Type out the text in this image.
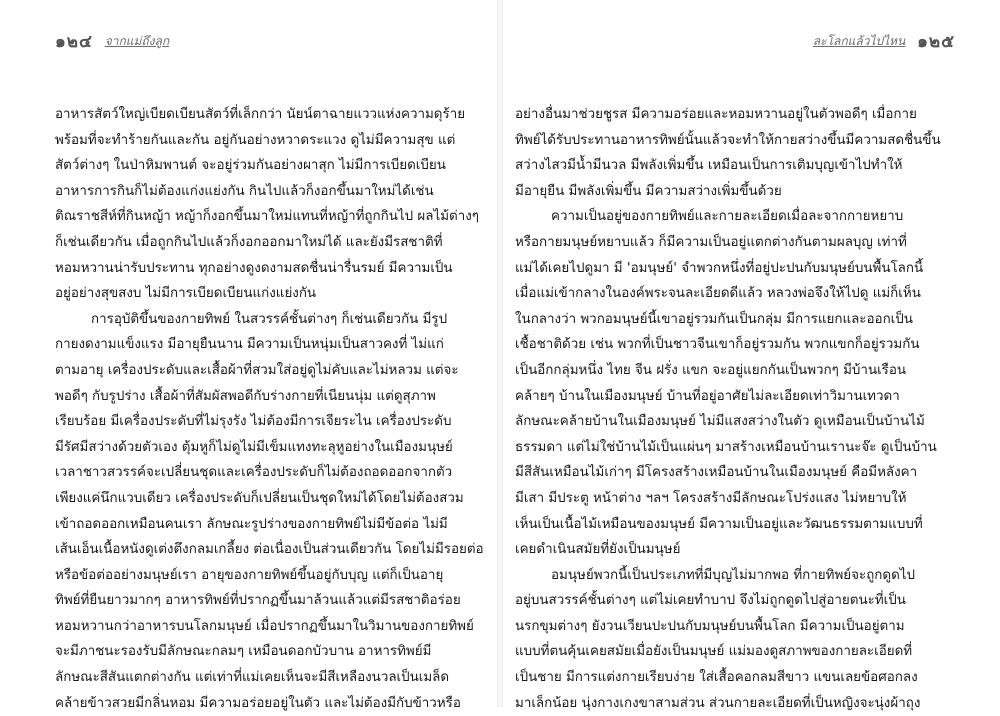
๑๒๔ จากแม่ถึงลูก
อาหารสัตว์ใหญ่เบียดเบียนสัตว์ที่เล็กกว่า นัยน์ตาฉายแววแห่งความดุร้าย
พร้อมที่จะทำร้ายกันและกัน อยู่กันอย่างหวาดระแวง ดูไม่มีความสุข แต่
สัตว์ต่างๆ ในป่าหิมพานต์ จะอยู่ร่วมกันอย่างผาสุก ไม่มีการเบียดเบียน
อาหารการกินก็ไม่ต้องแก่งแย่งกัน กินไปแล้วก็งอกขึ้นมาใหม่ได้เช่น
ติณราชสีห์ที่กินหญ้า หญ้าก็งอกขึ้นมาใหม่แทนที่หญ้าที่ถูกกินไป ผลไม้ต่างๆ
ก็เช่นเดียวกัน เมื่อถูกกินไปแล้วก็งอกออกมาใหม่ได้ และยังมีรสชาติที่
หอมหวานน่ารับประทาน ทุกอย่างดูงดงามสดชื่นน่ารื่นรมย์ มีความเป็น
อยู่อย่างสุขสงบ ไม่มีการเบียดเบียนแก่งแย่งกัน
การอุบัติขึ้นของกายทิพย์ ในสวรรค์ชั้นต่างๆ ก็เช่นเดียวกัน มีรูป
กายงดงามแข็งแรง มีอายุยืนนาน มีความเป็นหนุ่มเป็นสาวคงที่ ไม่แก่
ตามอายุ เครื่องประดับและเสื้อผ้าที่สวมใส่อยู่ดูไม่คับและไม่หลวม แต่จะ
พอดีๆ กับรูปร่าง เสื้อผ้าที่สัมผัสพอดีกับร่างกายที่เนียนนุ่ม แต่ดูสุภาพ
เรียบร้อย มีเครื่องประดับที่ไม่รุงรัง ไม่ต้องมีการเจียระไน เครื่องประดับ
มีรัศมีสว่างด้วยตัวเอง ตุ้มหูก็ไม่ดูไม่มีเข็มแทงทะลุหูอย่างในเมืองมนุษย์
เวลาชาวสวรรค์จะเปลี่ยนชุดและเครื่องประดับก็ไม่ต้องถอดออกจากตัว
เพียงแค่นึกแวบเดียว เครื่องประดับก็เปลี่ยนเป็นชุดใหม่ได้โดยไม่ต้องสวม
เข้าถอดออกเหมือนคนเรา ลักษณะรูปร่างของกายทิพย์ไม่มีข้อต่อ ไม่มี
เส้นเอ็นเนื้อหนังดูเต่งตึงกลมเกลี้ยง ต่อเนื่องเป็นส่วนเดียวกัน โดยไม่มีรอยต่อ
หรือข้อต่ออย่างมนุษย์เรา อายุของกายทิพย์ขึ้นอยู่กับบุญ แต่ก็เป็นอายุ
ทิพย์ที่ยืนยาวมากๆ อาหารทิพย์ที่ปรากฏขึ้นมาล้วนแล้วแต่มีรสชาติอร่อย
หอมหวานกว่าอาหารบนโลกมนุษย์ เมื่อปรากฏขึ้นมาในวิมานของกายทิพย์
จะมีภาชนะรองรับมีลักษณะกลมๆ เหมือนดอกบัวบาน อาหารทิพย์มี
ลักษณะสีสันแตกต่างกัน แต่เท่าที่แม่เคยเห็นจะมีสีเหลืองนวลเป็นเมล็ด
คล้ายข้าวสวยมีกลิ่นหอม มีความอร่อยอยู่ในตัว และไม่ต้องมีกับข้าวหรือ
ละโลกแล้วไปไหน ๑๒๕
อย่างอื่นมาช่วยชูรส มีความอร่อยและหอมหวานอยู่ในตัวพอดีๆ เมื่อกาย
ทิพย์ได้รับประทานอาหารทิพย์นั้นแล้วจะทำให้กายสว่างขึ้นมีความสดชื่นขึ้น
สว่างไสวมีน้ำมีนวล มีพลังเพิ่มขึ้น เหมือนเป็นการเติมบุญเข้าไปทำให้
มีอายุยืน มีพลังเพิ่มขึ้น มีความสว่างเพิ่มขึ้นด้วย
ความเป็นอยู่ของกายทิพย์และกายละเอียดเมื่อละจากกายหยาบ
หรือกายมนุษย์หยาบแล้ว ก็มีความเป็นอยู่แตกต่างกันตามผลบุญ เท่าที่
แม่ได้เคยไปดูมา มี 'อมนุษย์' จำพวกหนึ่งที่อยู่ปะปนกับมนุษย์บนพื้นโลกนี้
เมื่อแม่เข้ากลางในองค์พระจนละเอียดดีแล้ว หลวงพ่อจึงให้ไปดู แม่ก็เห็น
ในกลางว่า พวกอมนุษย์นี้เขาอยู่รวมกันเป็นกลุ่ม มีการแยกและออกเป็น
เชื้อชาติด้วย เช่น พวกที่เป็นชาวจีนเขาก็อยู่รวมกัน พวกแขกก็อยู่รวมกัน
เป็นอีกกลุ่มหนึ่ง ไทย จีน ฝรั่ง แขก จะอยู่แยกกันเป็นพวกๆ มีบ้านเรือน
คล้ายๆ บ้านในเมืองมนุษย์ บ้านที่อยู่อาศัยไม่ละเอียดเท่าวิมานเทวดา
ลักษณะคล้ายบ้านในเมืองมนุษย์ ไม่มีแสงสว่างในตัว ดูเหมือนเป็นบ้านไม้
ธรรมดา แต่ไม่ใช่บ้านไม้เป็นแผ่นๆ มาสร้างเหมือนบ้านเรานะจ๊ะ ดูเป็นบ้าน
มีสีสันเหมือนไม้เก่าๆ มีโครงสร้างเหมือนบ้านในเมืองมนุษย์ คือมีหลังคา
มีเสา มีประตู หน้าต่าง ฯลฯ โครงสร้างมีลักษณะโปร่งแสง ไม่หยาบให้
เห็นเป็นเนื้อไม้เหมือนของมนุษย์ มีความเป็นอยู่และวัฒนธรรมตามแบบที่
เคยดำเนินสมัยที่ยังเป็นมนุษย์
อมนุษย์พวกนี้เป็นประเภทที่มีบุญไม่มากพอ ที่กายทิพย์จะถูกดูดไป
อยู่บนสวรรค์ชั้นต่างๆ แต่ไม่เคยทำบาป จึงไม่ถูกดูดไปสู่อายตนะที่เป็น
นรกขุมต่างๆ ยังวนเวียนปะปนกับมนุษย์บนพื้นโลก มีความเป็นอยู่ตาม
แบบที่ตนคุ้นเคยสมัยเมื่อยังเป็นมนุษย์ แม่มองดูสภาพของกายละเอียดที่
เป็นชาย มีการแต่งกายเรียบง่าย ใส่เสื้อคอกลมสีขาว แขนเลยข้อศอกลง
มาเล็กน้อย นุ่งกางเกงขาสามส่วน ส่วนกายละเอียดที่เป็นหญิงจะนุ่งผ้าถุง
